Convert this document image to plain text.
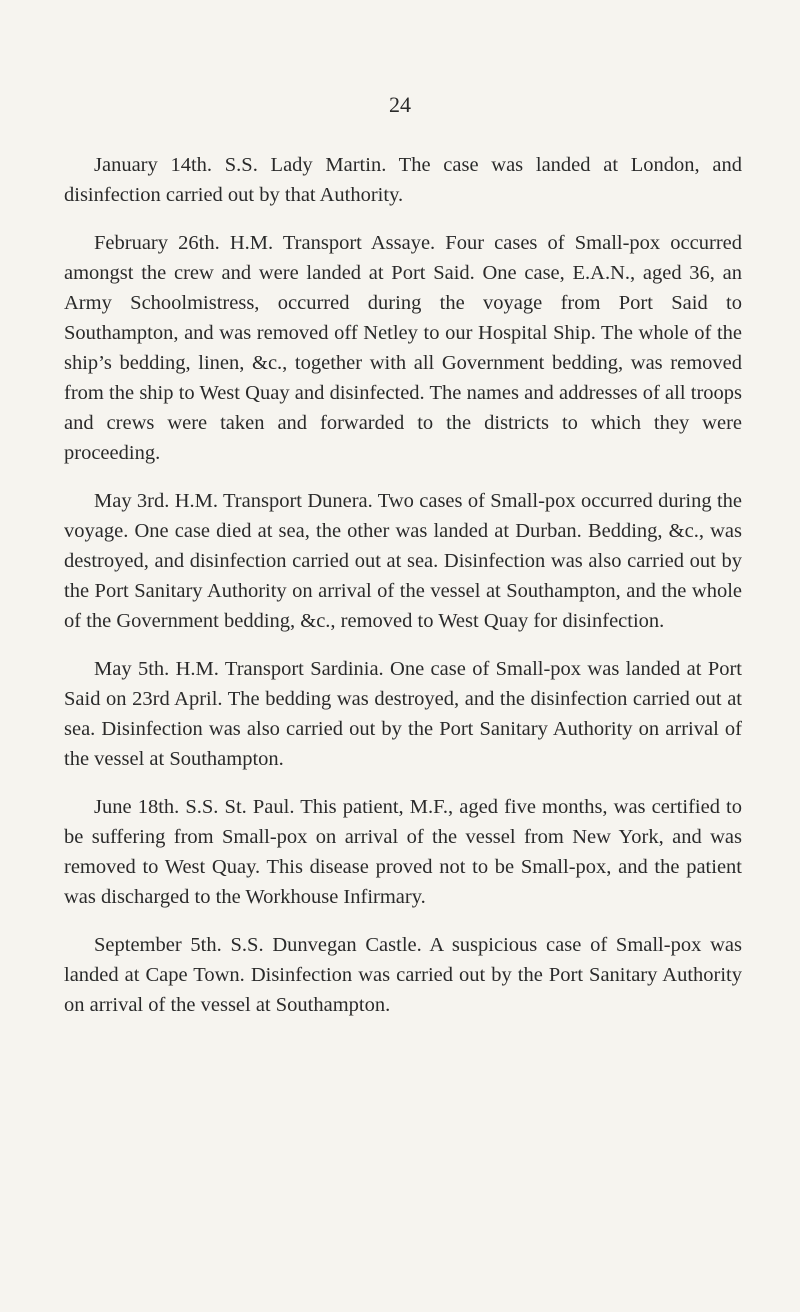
24

January 14th. S.S. Lady Martin. The case was landed at London, and disinfection carried out by that Authority.

February 26th. H.M. Transport Assaye. Four cases of Small-pox occurred amongst the crew and were landed at Port Said. One case, E.A.N., aged 36, an Army Schoolmistress, occurred during the voyage from Port Said to Southampton, and was removed off Netley to our Hospital Ship. The whole of the ship’s bedding, linen, &c., together with all Government bedding, was removed from the ship to West Quay and disinfected. The names and addresses of all troops and crews were taken and forwarded to the districts to which they were proceeding.

May 3rd. H.M. Transport Dunera. Two cases of Small-pox occurred during the voyage. One case died at sea, the other was landed at Durban. Bedding, &c., was destroyed, and disinfection carried out at sea. Disinfection was also carried out by the Port Sanitary Authority on arrival of the vessel at Southampton, and the whole of the Government bedding, &c., removed to West Quay for disinfection.

May 5th. H.M. Transport Sardinia. One case of Small-pox was landed at Port Said on 23rd April. The bedding was destroyed, and the disinfection carried out at sea. Disinfection was also carried out by the Port Sanitary Authority on arrival of the vessel at Southampton.

June 18th. S.S. St. Paul. This patient, M.F., aged five months, was certified to be suffering from Small-pox on arrival of the vessel from New York, and was removed to West Quay. This disease proved not to be Small-pox, and the patient was discharged to the Workhouse Infirmary.

September 5th. S.S. Dunvegan Castle. A suspicious case of Small-pox was landed at Cape Town. Disinfection was carried out by the Port Sanitary Authority on arrival of the vessel at Southampton.
